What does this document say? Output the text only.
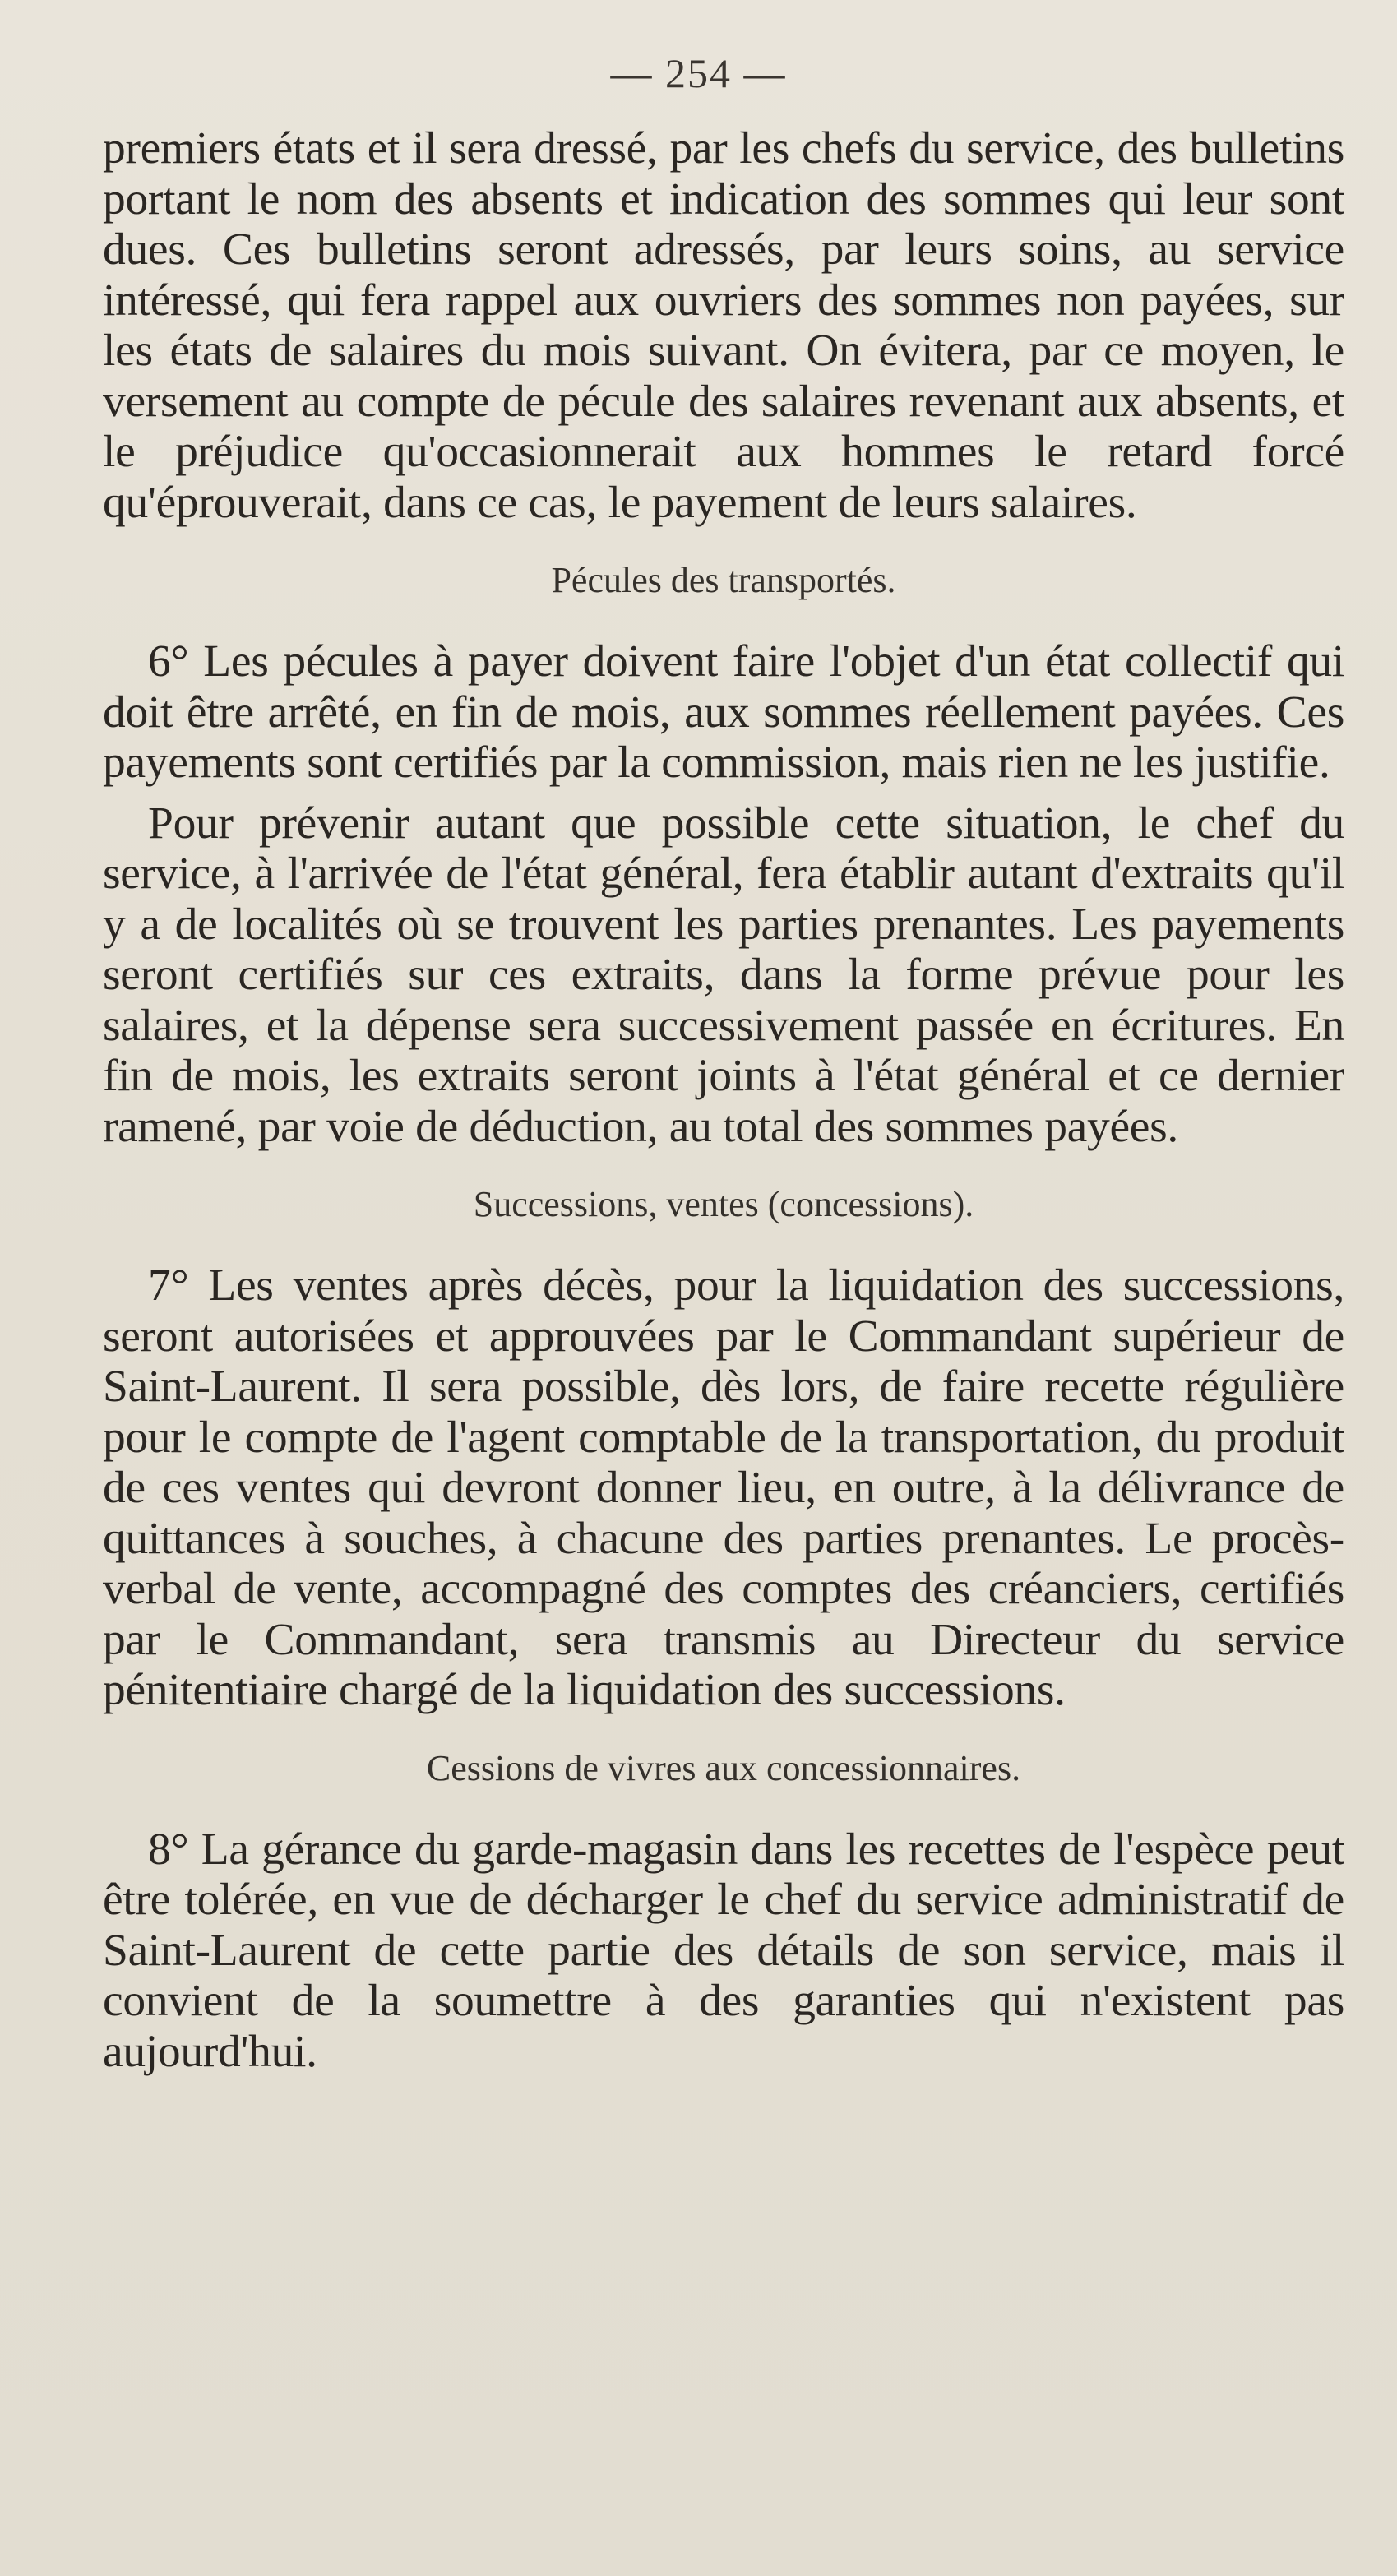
— 254 —

premiers états et il sera dressé, par les chefs du service, des bulletins portant le nom des absents et indication des sommes qui leur sont dues. Ces bulletins seront adressés, par leurs soins, au service intéressé, qui fera rappel aux ouvriers des sommes non payées, sur les états de salaires du mois suivant. On évitera, par ce moyen, le versement au compte de pécule des salaires revenant aux absents, et le préjudice qu'occasionnerait aux hommes le retard forcé qu'éprouverait, dans ce cas, le payement de leurs salaires.

Pécules des transportés.

6° Les pécules à payer doivent faire l'objet d'un état collectif qui doit être arrêté, en fin de mois, aux sommes réellement payées. Ces payements sont certifiés par la commission, mais rien ne les justifie.

Pour prévenir autant que possible cette situation, le chef du service, à l'arrivée de l'état général, fera établir autant d'extraits qu'il y a de localités où se trouvent les parties prenantes. Les payements seront certifiés sur ces extraits, dans la forme prévue pour les salaires, et la dépense sera successivement passée en écritures. En fin de mois, les extraits seront joints à l'état général et ce dernier ramené, par voie de déduction, au total des sommes payées.

Successions, ventes (concessions).

7° Les ventes après décès, pour la liquidation des successions, seront autorisées et approuvées par le Commandant supérieur de Saint-Laurent. Il sera possible, dès lors, de faire recette régulière pour le compte de l'agent comptable de la transportation, du produit de ces ventes qui devront donner lieu, en outre, à la délivrance de quittances à souches, à chacune des parties prenantes. Le procès-verbal de vente, accompagné des comptes des créanciers, certifiés par le Commandant, sera transmis au Directeur du service pénitentiaire chargé de la liquidation des successions.

Cessions de vivres aux concessionnaires.

8° La gérance du garde-magasin dans les recettes de l'espèce peut être tolérée, en vue de décharger le chef du service administratif de Saint-Laurent de cette partie des détails de son service, mais il convient de la soumettre à des garanties qui n'existent pas aujourd'hui.
